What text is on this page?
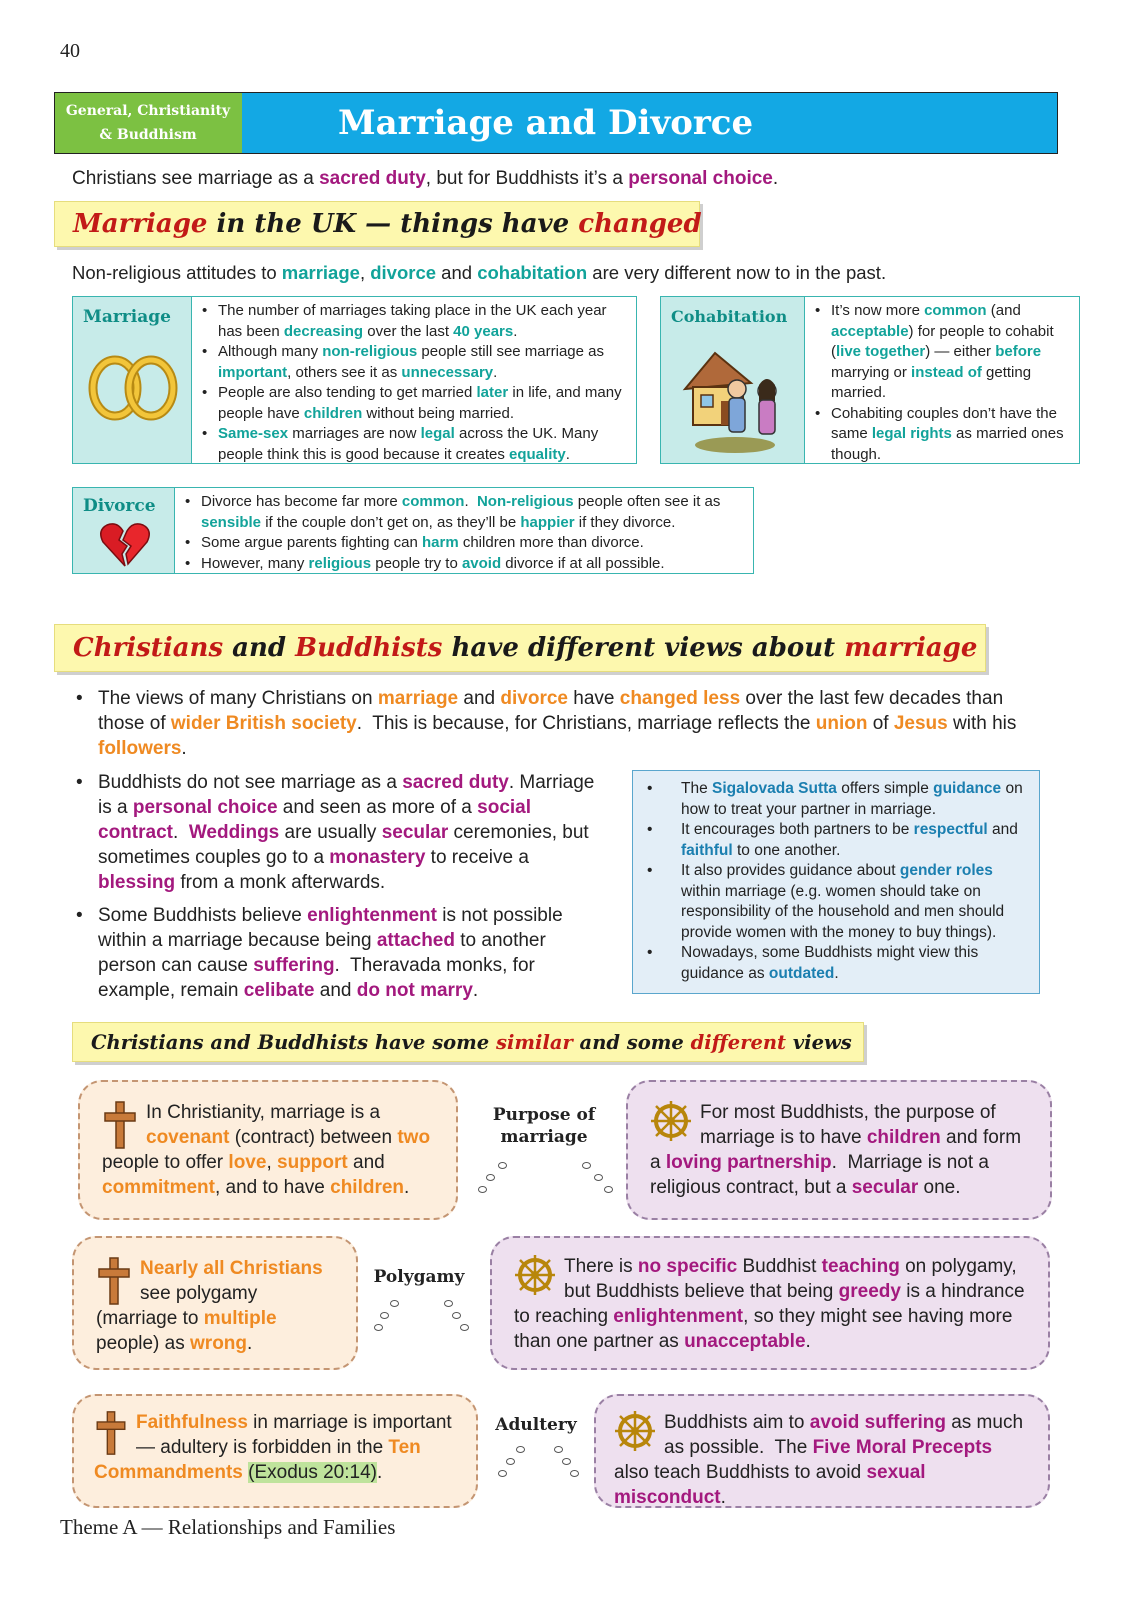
40
General, Christianity
& Buddhism	Marriage and Divorce
Christians see marriage as a sacred duty, but for Buddhists it’s a personal choice.
Marriage in the UK — things have changed
Non-religious attitudes to marriage, divorce and cohabitation are very different now to in the past.
Marriage	• The number of marriages taking place in the UK each year has been decreasing over the last 40 years.
• Although many non-religious people still see marriage as important, others see it as unnecessary.
• People are also tending to get married later in life, and many people have children without being married.
• Same-sex marriages are now legal across the UK. Many people think this is good because it creates equality.
Cohabitation	• It’s now more common (and acceptable) for people to cohabit (live together) — either before marrying or instead of getting married.
• Cohabiting couples don’t have the same legal rights as married ones though.
Divorce	• Divorce has become far more common.  Non-religious people often see it as sensible if the couple don’t get on, as they’ll be happier if they divorce.
• Some argue parents fighting can harm children more than divorce.
• However, many religious people try to avoid divorce if at all possible.
Christians and Buddhists have different views about marriage
• The views of many Christians on marriage and divorce have changed less over the last few decades than those of wider British society.  This is because, for Christians, marriage reflects the union of Jesus with his followers.
• Buddhists do not see marriage as a sacred duty. Marriage is a personal choice and seen as more of a social contract.  Weddings are usually secular ceremonies, but sometimes couples go to a monastery to receive a blessing from a monk afterwards.
• Some Buddhists believe enlightenment is not possible within a marriage because being attached to another person can cause suffering.  Theravada monks, for example, remain celibate and do not marry.
• The Sigalovada Sutta offers simple guidance on how to treat your partner in marriage.
• It encourages both partners to be respectful and faithful to one another.
• It also provides guidance about gender roles within marriage (e.g. women should take on responsibility of the household and men should provide women with the money to buy things).
• Nowadays, some Buddhists might view this guidance as outdated.
Christians and Buddhists have some similar and some different views
In Christianity, marriage is a covenant (contract) between two people to offer love, support and commitment, and to have children.
Purpose of marriage
For most Buddhists, the purpose of marriage is to have children and form a loving partnership.  Marriage is not a religious contract, but a secular one.
Nearly all Christians see polygamy (marriage to multiple people) as wrong.
Polygamy	There is no specific Buddhist teaching on polygamy, but Buddhists believe that being greedy is a hindrance to reaching enlightenment, so they might see having more than one partner as unacceptable.
Faithfulness in marriage is important — adultery is forbidden in the Ten Commandments (Exodus 20:14).
Adultery	Buddhists aim to avoid suffering as much as possible.  The Five Moral Precepts also teach Buddhists to avoid sexual misconduct.
Theme A — Relationships and Families
